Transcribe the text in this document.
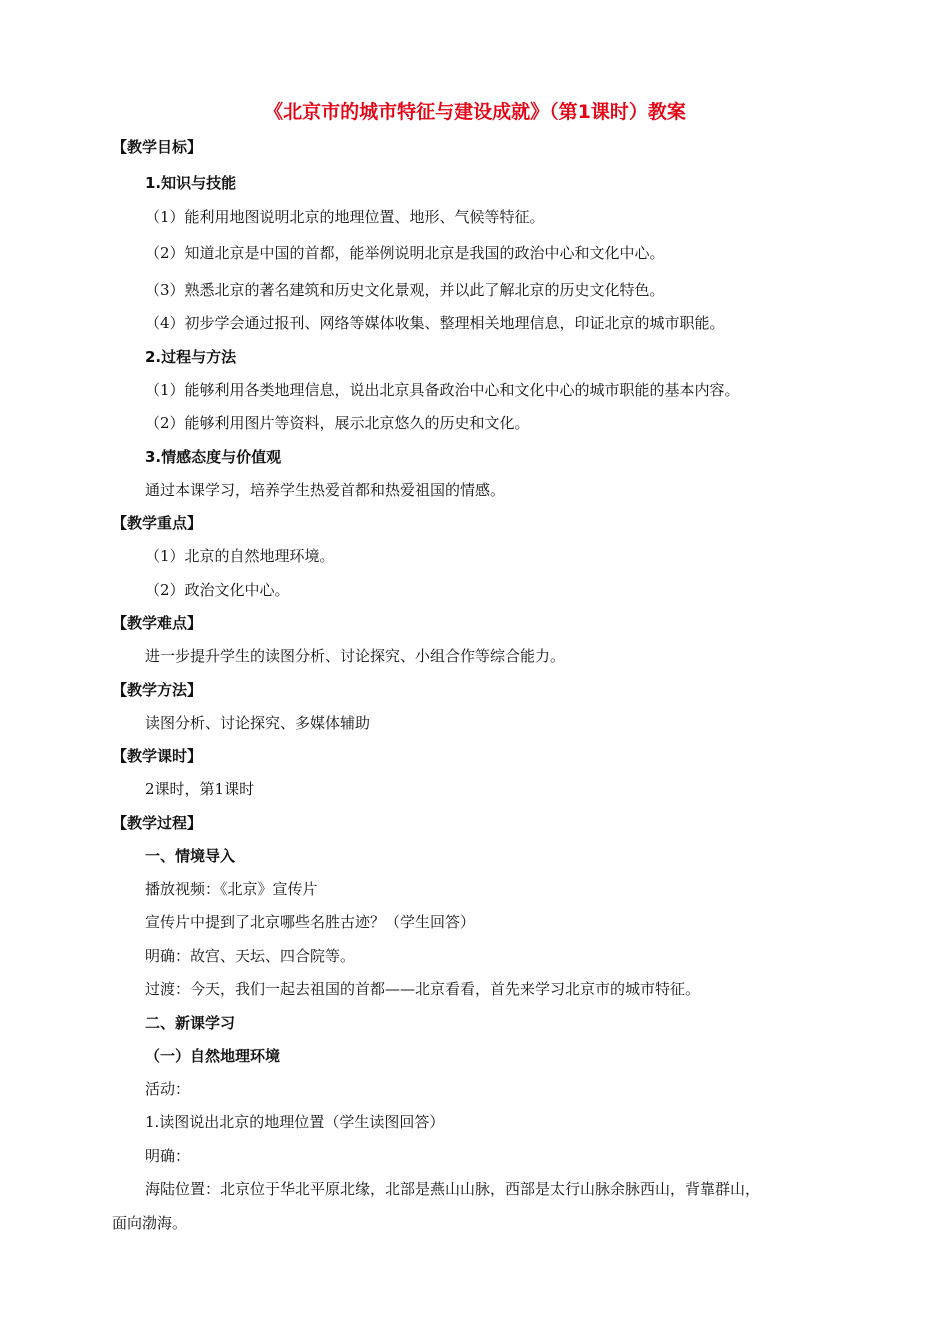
《北京市的城市特征与建设成就》（第1课时）教案
【教学目标】
1.知识与技能
（1）能利用地图说明北京的地理位置、地形、气候等特征。
（2）知道北京是中国的首都，能举例说明北京是我国的政治中心和文化中心。
（3）熟悉北京的著名建筑和历史文化景观，并以此了解北京的历史文化特色。
（4）初步学会通过报刊、网络等媒体收集、整理相关地理信息，印证北京的城市职能。
2.过程与方法
（1）能够利用各类地理信息，说出北京具备政治中心和文化中心的城市职能的基本内容。
（2）能够利用图片等资料，展示北京悠久的历史和文化。
3.情感态度与价值观
通过本课学习，培养学生热爱首都和热爱祖国的情感。
【教学重点】
（1）北京的自然地理环境。
（2）政治文化中心。
【教学难点】
进一步提升学生的读图分析、讨论探究、小组合作等综合能力。
【教学方法】
读图分析、讨论探究、多媒体辅助
【教学课时】
2课时，第1课时
【教学过程】
一、情境导入
播放视频：《北京》宣传片
宣传片中提到了北京哪些名胜古迹？（学生回答）
明确：故宫、天坛、四合院等。
过渡：今天，我们一起去祖国的首都——北京看看，首先来学习北京市的城市特征。
二、新课学习
（一）自然地理环境
活动：
1.读图说出北京的地理位置（学生读图回答）
明确：
海陆位置：北京位于华北平原北缘，北部是燕山山脉，西部是太行山脉余脉西山，背靠群山，
面向渤海。
